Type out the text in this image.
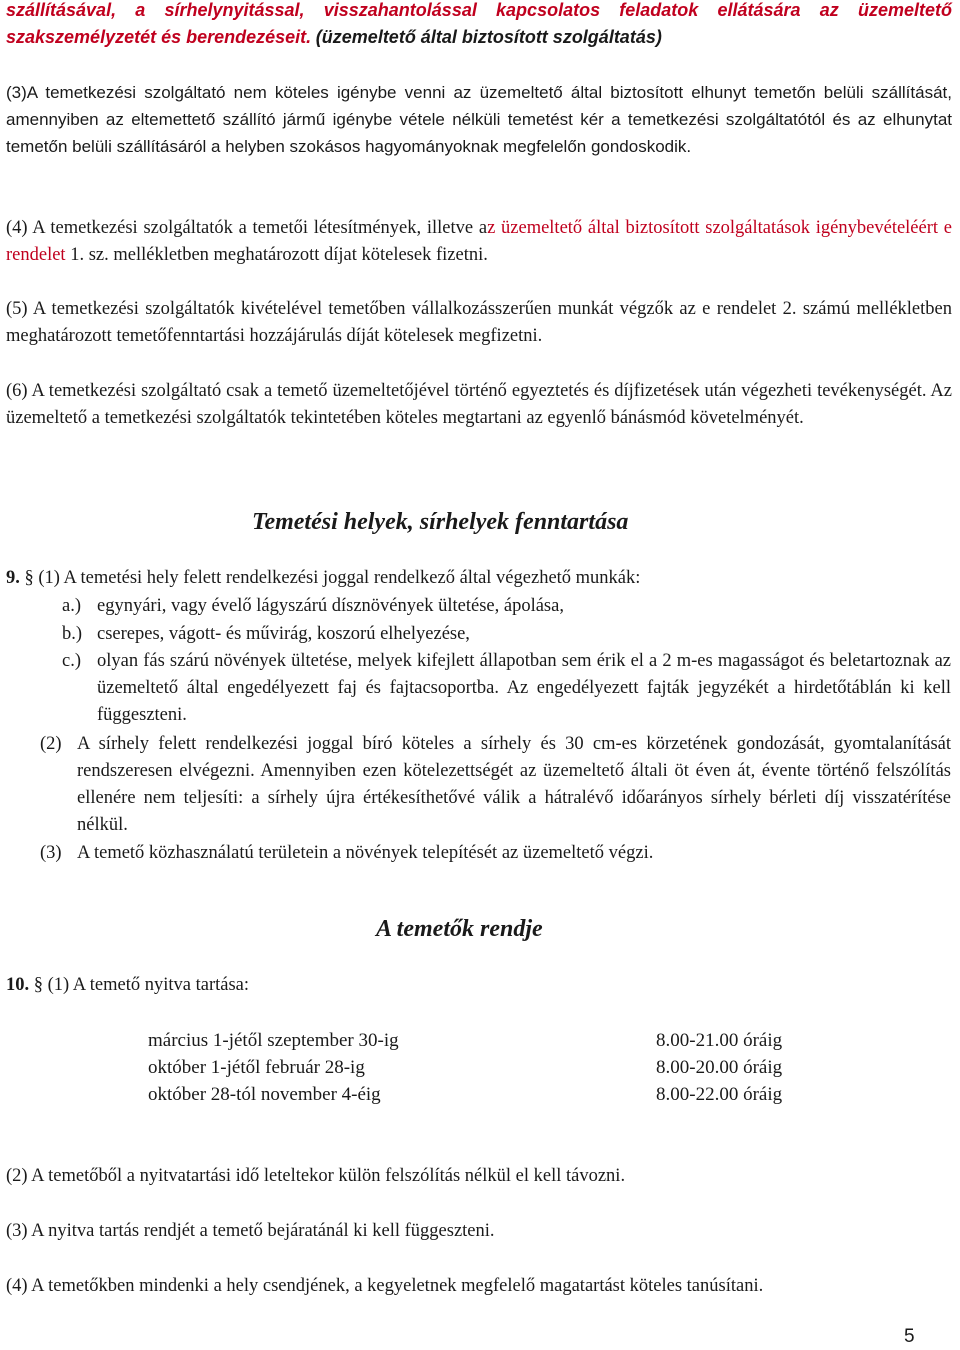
szállításával, a sírhelynyitással, visszahantolással kapcsolatos feladatok ellátására az üzemeltető szakszemélyzetét és berendezéseit. (üzemeltető által biztosított szolgáltatás)
(3)A temetkezési szolgáltató nem köteles igénybe venni az üzemeltető által biztosított elhunyt temetőn belüli szállítását, amennyiben az eltemettető szállító jármű igénybe vétele nélküli temetést kér a temetkezési szolgáltatótól és az elhunytat temetőn belüli szállításáról a helyben szokásos hagyományoknak megfelelőn gondoskodik.
(4) A temetkezési szolgáltatók a temetői létesítmények, illetve az üzemeltető által biztosított szolgáltatások igénybevételéért e rendelet 1. sz. mellékletben meghatározott díjat kötelesek fizetni.
(5) A temetkezési szolgáltatók kivételével temetőben vállalkozásszerűen munkát végzők az e rendelet 2. számú mellékletben meghatározott temetőfenntartási hozzájárulás díját kötelesek megfizetni.
(6) A temetkezési szolgáltató csak a temető üzemeltetőjével történő egyeztetés és díjfizetések után végezheti tevékenységét. Az üzemeltető a temetkezési szolgáltatók tekintetében köteles megtartani az egyenlő bánásmód követelményét.
Temetési helyek, sírhelyek fenntartása
9. § (1) A temetési hely felett rendelkezési joggal rendelkező által végezhető munkák:
a.) egynyári, vagy évelő lágyszárú dísznövények ültetése, ápolása,
b.) cserepes, vágott- és művirág, koszorú elhelyezése,
c.) olyan fás szárú növények ültetése, melyek kifejlett állapotban sem érik el a 2 m-es magasságot és beletartoznak az üzemeltető által engedélyezett faj és fajtacsoportba. Az engedélyezett fajták jegyzékét a hirdetőtáblán ki kell függeszteni.
(2) A sírhely felett rendelkezési joggal bíró köteles a sírhely és 30 cm-es körzetének gondozását, gyomtalanítását rendszeresen elvégezni. Amennyiben ezen kötelezettségét az üzemeltető általi öt éven át, évente történő felszólítás ellenére nem teljesíti: a sírhely újra értékesíthetővé válik a hátralévő időarányos sírhely bérleti díj visszatérítése nélkül.
(3) A temető közhasználatú területein a növények telepítését az üzemeltető végzi.
A temetők rendje
10. § (1) A temető nyitva tartása:
március 1-jétől szeptember 30-ig	8.00-21.00 óráig
október 1-jétől február 28-ig	8.00-20.00 óráig
október 28-tól november 4-éig	8.00-22.00 óráig
(2) A temetőből a nyitvatartási idő leteltekor külön felszólítás nélkül el kell távozni.
(3) A nyitva tartás rendjét a temető bejáratánál ki kell függeszteni.
(4) A temetőkben mindenki a hely csendjének, a kegyeletnek megfelelő magatartást köteles tanúsítani.
5
